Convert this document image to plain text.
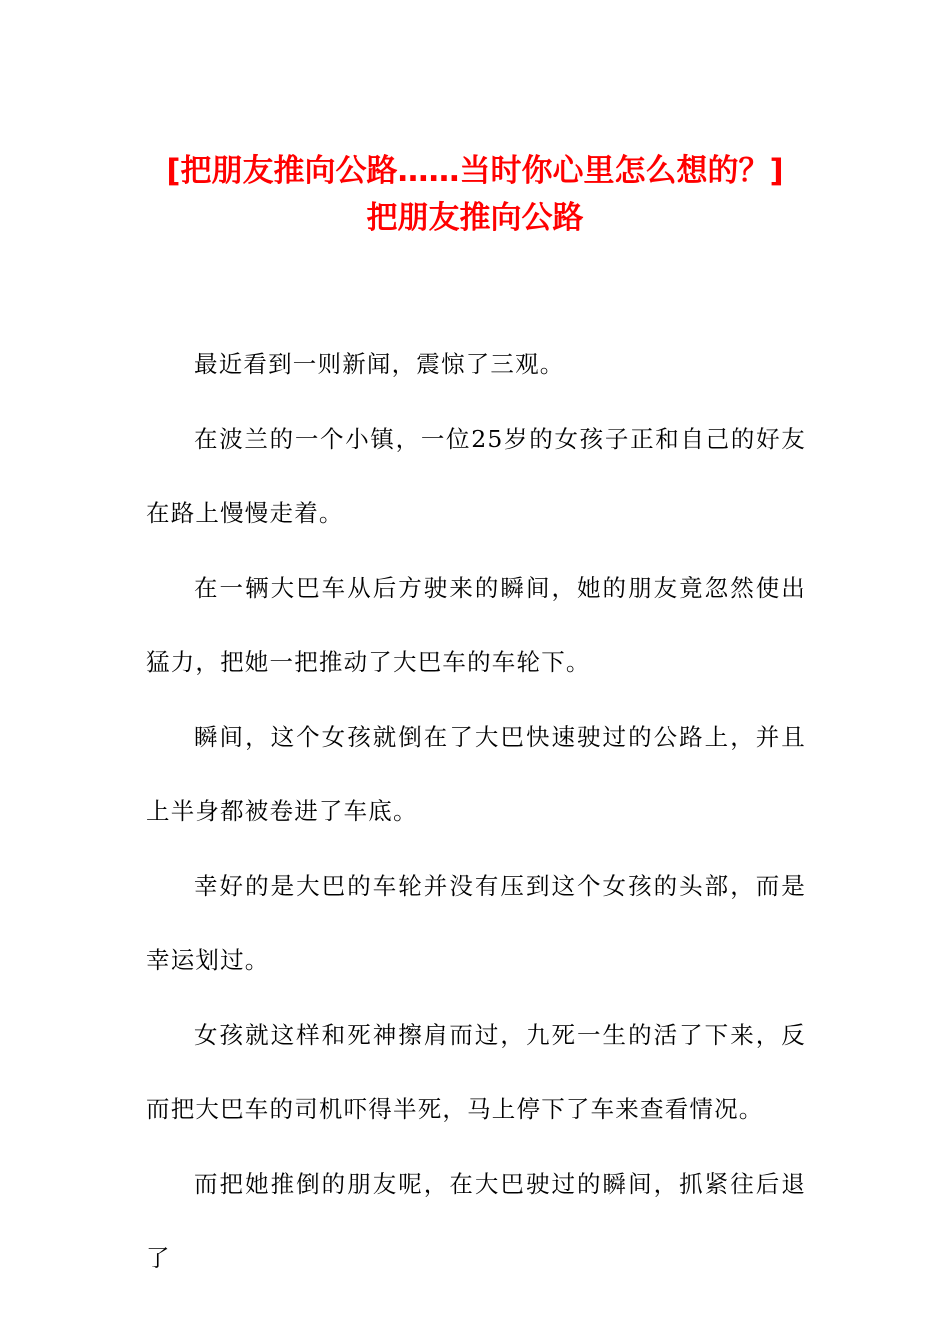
[把朋友推向公路……当时你心里怎么想的？]
把朋友推向公路

最近看到一则新闻，震惊了三观。

在波兰的一个小镇，一位25岁的女孩子正和自己的好友在路上慢慢走着。

在一辆大巴车从后方驶来的瞬间，她的朋友竟忽然使出猛力，把她一把推动了大巴车的车轮下。

瞬间，这个女孩就倒在了大巴快速驶过的公路上，并且上半身都被卷进了车底。

幸好的是大巴的车轮并没有压到这个女孩的头部，而是幸运划过。

女孩就这样和死神擦肩而过，九死一生的活了下来，反而把大巴车的司机吓得半死，马上停下了车来查看情况。

而把她推倒的朋友呢，在大巴驶过的瞬间，抓紧往后退了
